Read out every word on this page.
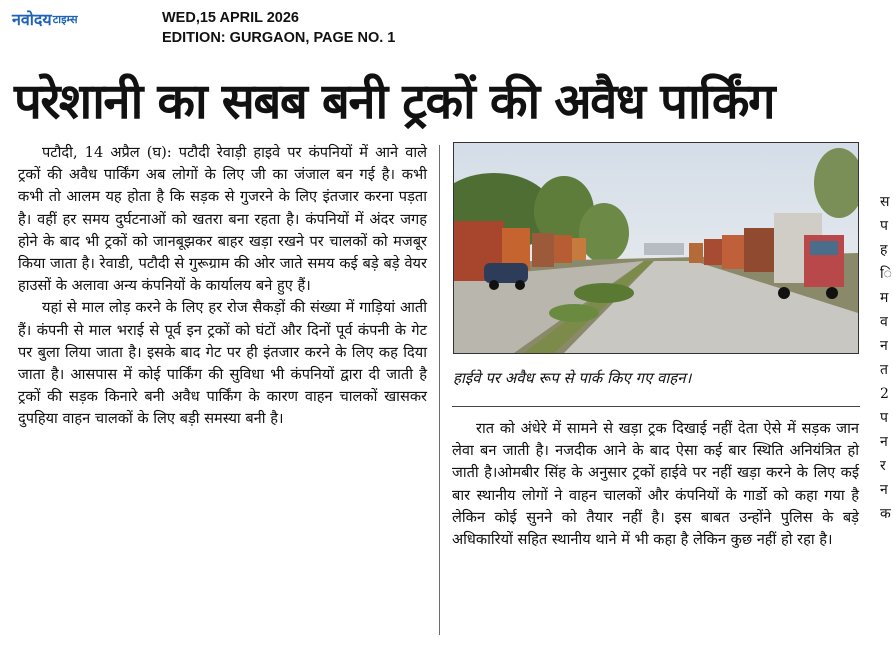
नवोदय टाइम्स	WED,15 APRIL 2026
EDITION: GURGAON, PAGE NO. 1
परेशानी का सबब बनी ट्रकों की अवैध पार्किंग

पटौदी, 14 अप्रैल (घ): पटौदी रेवाड़ी हाइवे पर कंपनियों में आने वाले ट्रकों की अवैध पार्किंग अब लोगों के लिए जी का जंजाल बन गई है। कभी कभी तो आलम यह होता है कि सड़क से गुजरने के लिए इंतजार करना पड़ता है। वहीं हर समय दुर्घटनाओं को खतरा बना रहता है। कंपनियों में अंदर जगह होने के बाद भी ट्रकों को जानबूझकर बाहर खड़ा रखने पर चालकों को मजबूर किया जाता है। रेवाडी, पटौदी से गुरूग्राम की ओर जाते समय कई बड़े बड़े वेयर हाउसों के अलावा अन्य कंपनियों के कार्यालय बने हुए हैं।

यहां से माल लोड़ करने के लिए हर रोज सैकड़ों की संख्या में गाड़ियां आती हैं। कंपनी से माल भराई से पूर्व इन ट्रकों को घंटों और दिनों पूर्व कंपनी के गेट पर बुला लिया जाता है। इसके बाद गेट पर ही इंतजार करने के लिए कह दिया जाता है। आसपास में कोई पार्किंग की सुविधा भी कंपनियों द्वारा दी जाती है ट्रकों की सड़क किनारे बनी अवैध पार्किंग के कारण वाहन चालकों खासकर दुपहिया वाहन चालकों के लिए बड़ी समस्या बनी है।

हाईवे पर अवैध रूप से पार्क किए गए वाहन।

रात को अंधेरे में सामने से खड़ा ट्रक दिखाई नहीं देता ऐसे में सड़क जान लेवा बन जाती है। नजदीक आने के बाद ऐसा कई बार स्थिति अनियंत्रित हो जाती है।ओमबीर सिंह के अनुसार ट्रकों हाईवे पर नहीं खड़ा करने के लिए कई बार स्थानीय लोगों ने वाहन चालकों और कंपनियों के गार्डो को कहा गया है लेकिन कोई सुनने को तैयार नहीं है। इस बाबत उन्होंने पुलिस के बड़े अधिकारियों सहित स्थानीय थाने में भी कहा है लेकिन कुछ नहीं हो रहा है।

स
प
ह
ि
म
व
न
त
2
प
न
र
न
क
